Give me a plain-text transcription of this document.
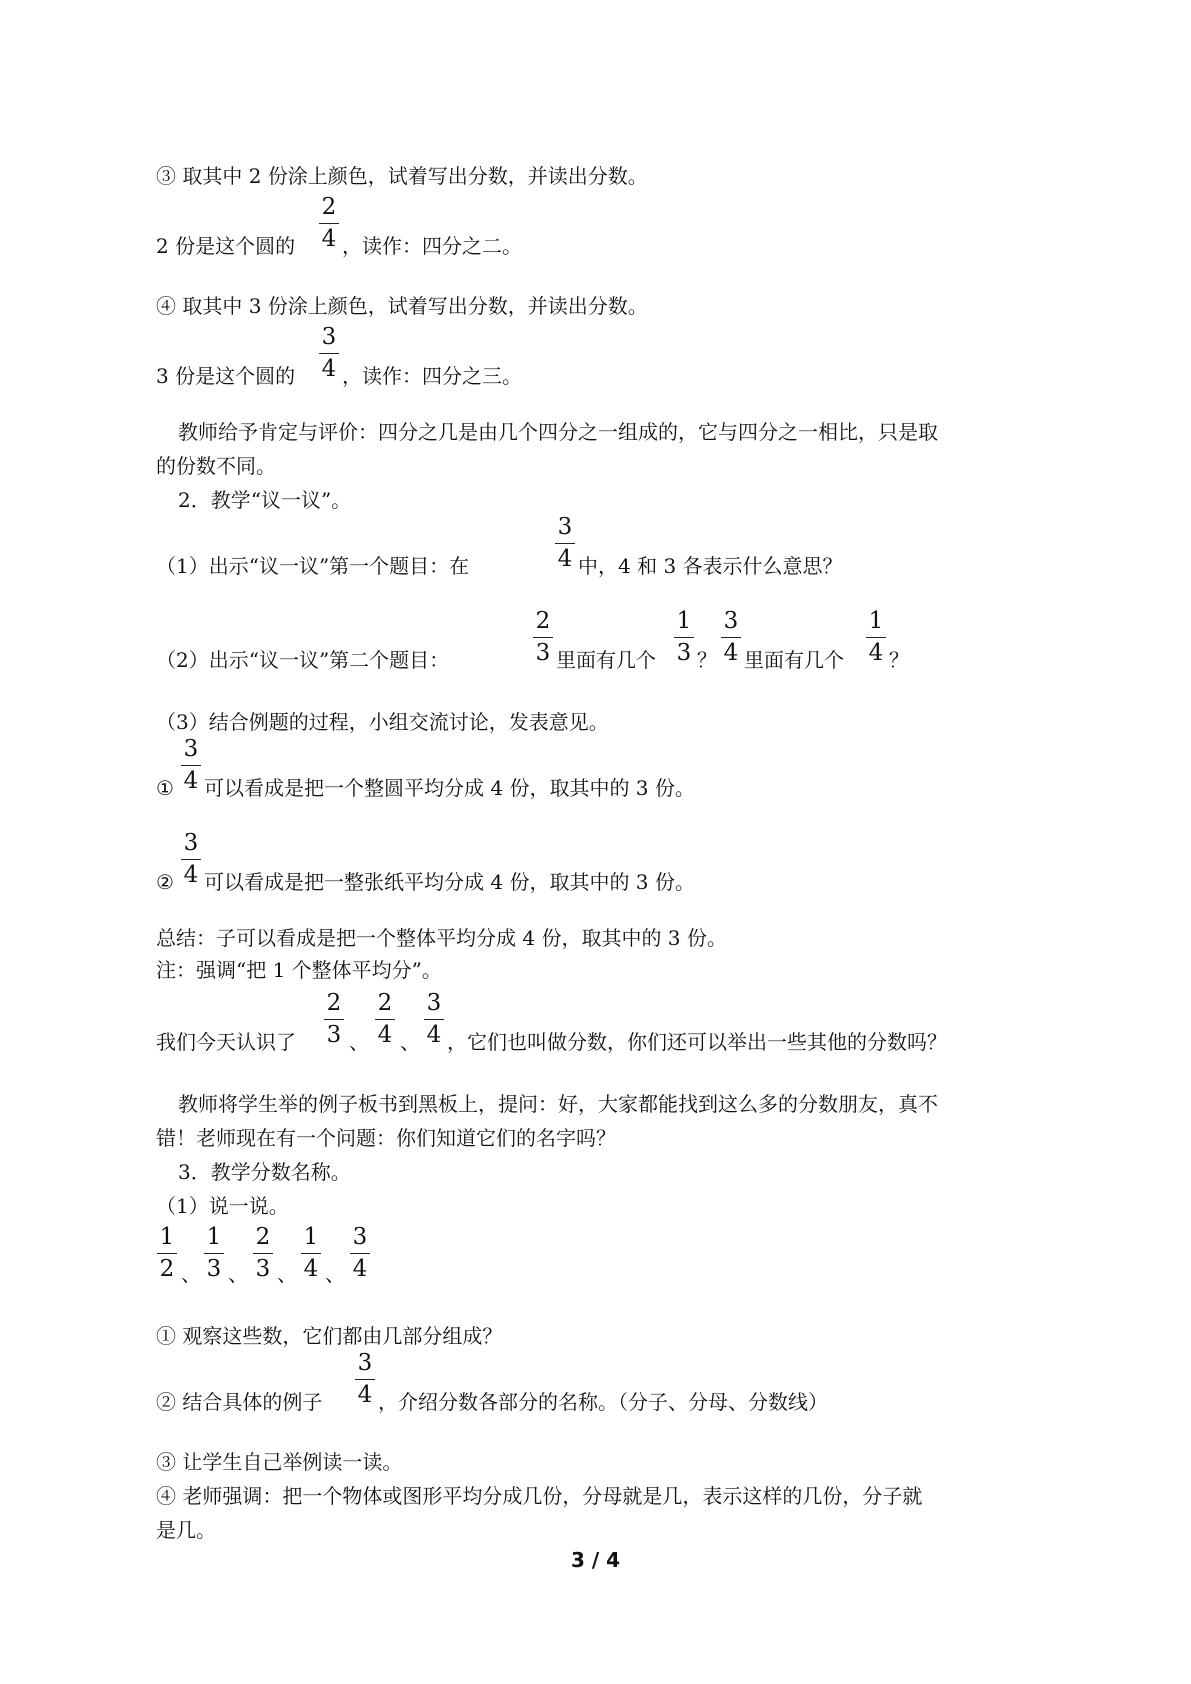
③ 取其中 2 份涂上颜色，试着写出分数，并读出分数。
2 份是这个圆的
2
4 ，读作：四分之二。
④ 取其中 3 份涂上颜色，试着写出分数，并读出分数。
3 份是这个圆的
3
4 ，读作：四分之三。
教师给予肯定与评价：四分之几是由几个四分之一组成的，它与四分之一相比，只是取
的份数不同。
2．教学“议一议”。
（1）出示“议一议”第一个题目：在
3
4 中，4 和 3 各表示什么意思？
（2）出示“议一议”第二个题目：
2
3 里面有几个
1
3 ？
3
4 里面有几个
1
4 ？
（3）结合例题的过程，小组交流讨论，发表意见。
①
3
4 可以看成是把一个整圆平均分成 4 份，取其中的 3 份。
②
3
4 可以看成是把一整张纸平均分成 4 份，取其中的 3 份。
总结：子可以看成是把一个整体平均分成 4 份，取其中的 3 份。
注：强调“把 1 个整体平均分”。
我们今天认识了
2
3 、
2
4 、
3
4 ，它们也叫做分数，你们还可以举出一些其他的分数吗？
教师将学生举的例子板书到黑板上，提问：好，大家都能找到这么多的分数朋友，真不
错！老师现在有一个问题：你们知道它们的名字吗？
3．教学分数名称。
（1）说一说。
1
2 、
1
3 、
2
3 、
1
4 、
3
4
① 观察这些数，它们都由几部分组成？
② 结合具体的例子
3
4 ，介绍分数各部分的名称。（分子、分母、分数线）
③ 让学生自己举例读一读。
④ 老师强调：把一个物体或图形平均分成几份，分母就是几，表示这样的几份，分子就
是几。
3 / 4
